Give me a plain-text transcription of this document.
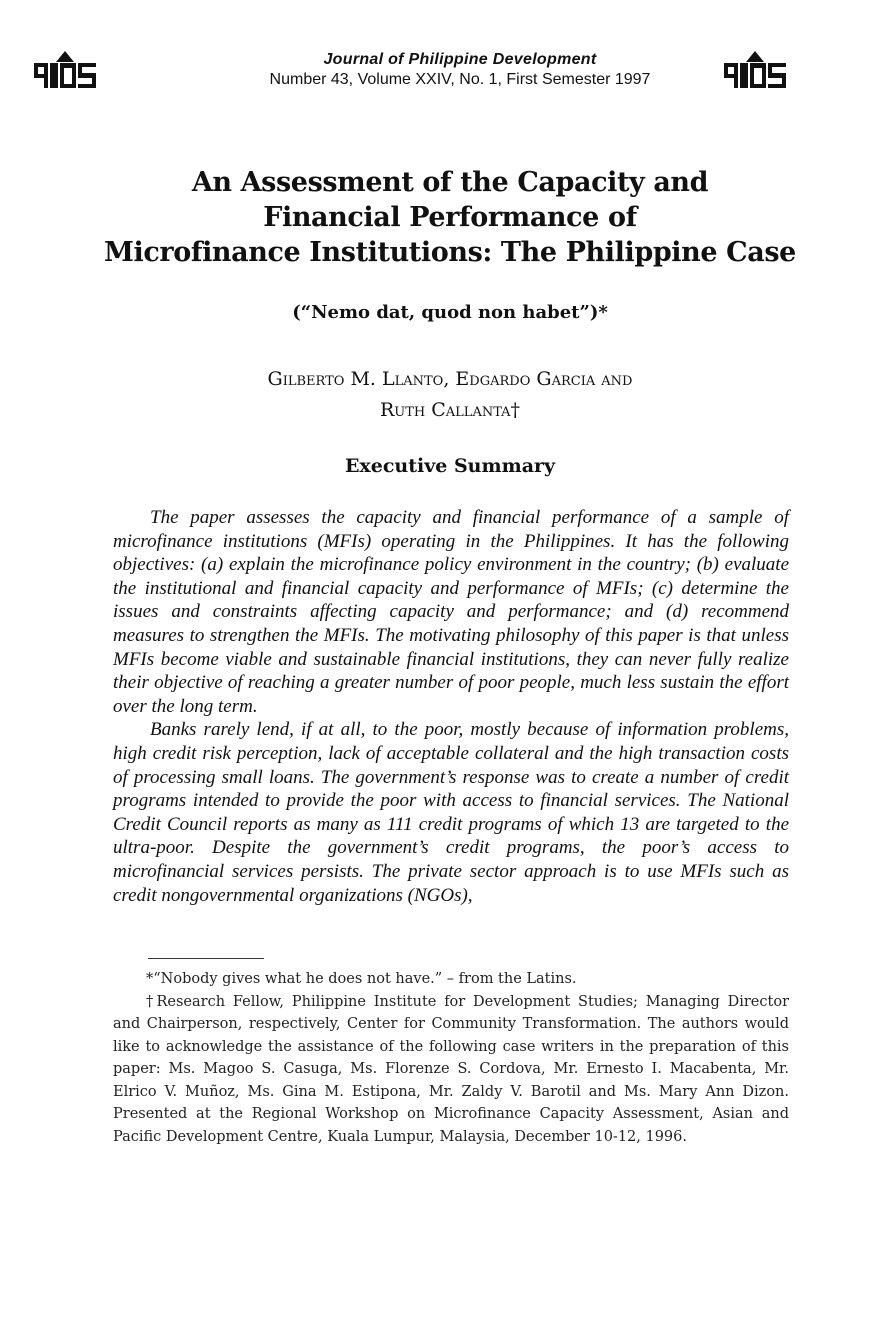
Journal of Philippine Development
Number 43, Volume XXIV, No. 1, First Semester 1997
An Assessment of the Capacity and
Financial Performance of
Microfinance Institutions: The Philippine Case
(“Nemo dat, quod non habet”)*
Gilberto M. Llanto, Edgardo Garcia and
Ruth Callanta†
Executive Summary

The paper assesses the capacity and financial performance of a sample of microfinance institutions (MFIs) operating in the Philippines. It has the following objectives: (a) explain the microfinance policy environment in the country; (b) evaluate the institutional and financial capacity and performance of MFIs; (c) determine the issues and constraints affecting capacity and performance; and (d) recommend measures to strengthen the MFIs. The motivating philosophy of this paper is that unless MFIs become viable and sustainable financial institutions, they can never fully realize their objective of reaching a greater number of poor people, much less sustain the effort over the long term.

Banks rarely lend, if at all, to the poor, mostly because of information problems, high credit risk perception, lack of acceptable collateral and the high transaction costs of processing small loans. The government’s response was to create a number of credit programs intended to provide the poor with access to financial services. The National Credit Council reports as many as 111 credit programs of which 13 are targeted to the ultra-poor. Despite the government’s credit programs, the poor’s access to microfinancial services persists. The private sector approach is to use MFIs such as credit nongovernmental organizations (NGOs),

*“Nobody gives what he does not have.” – from the Latins.

†Research Fellow, Philippine Institute for Development Studies; Managing Director and Chairperson, respectively, Center for Community Transformation. The authors would like to acknowledge the assistance of the following case writers in the preparation of this paper: Ms. Magoo S. Casuga, Ms. Florenze S. Cordova, Mr. Ernesto I. Macabenta, Mr. Elrico V. Muñoz, Ms. Gina M. Estipona, Mr. Zaldy V. Barotil and Ms. Mary Ann Dizon. Presented at the Regional Workshop on Microfinance Capacity Assessment, Asian and Pacific Development Centre, Kuala Lumpur, Malaysia, December 10-12, 1996.
